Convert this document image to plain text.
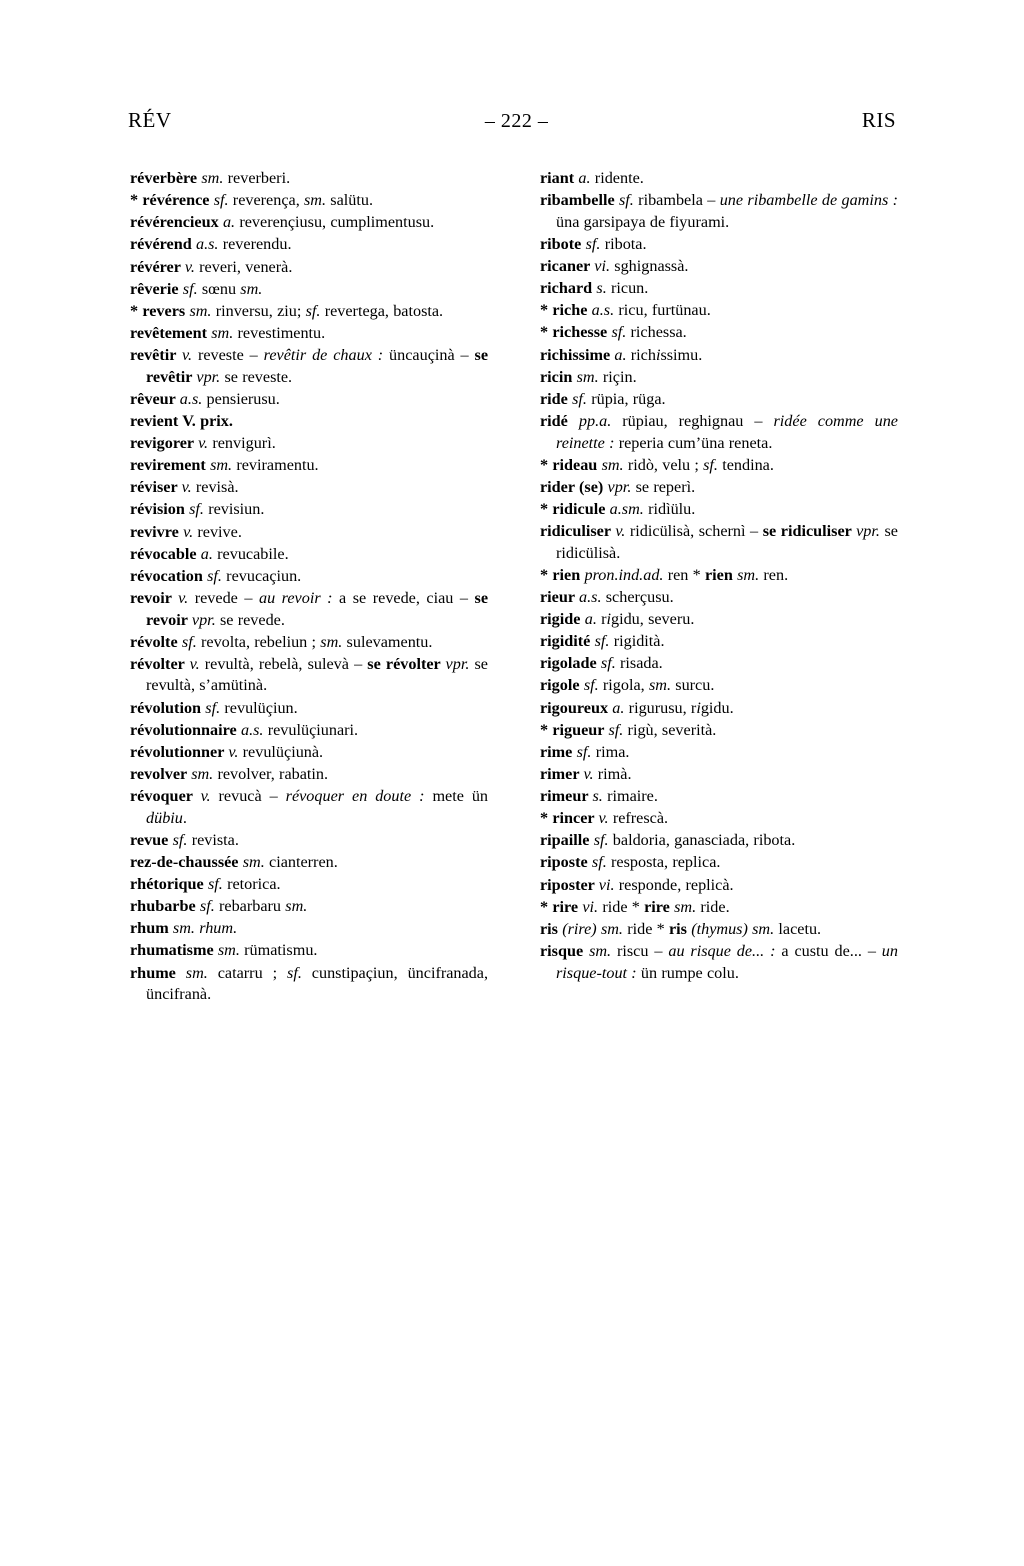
RÉV	– 222 –	RIS
réverbère sm. reverberi.
* révérence sf. reverença, sm. salütu.
révérencieux a. reverençiusu, cumplimentusu.
révérend a.s. reverendu.
révérer v. reveri, venerà.
rêverie sf. sœnu sm.
* revers sm. rinversu, ziu; sf. revertega, batosta.
revêtement sm. revestimentu.
revêtir v. reveste – revêtir de chaux : üncauçinà – se revêtir vpr. se reveste.
rêveur a.s. pensierusu.
revient V. prix.
revigorer v. renvigurì.
revirement sm. reviramentu.
réviser v. revisà.
révision sf. revisiun.
revivre v. revive.
révocable a. revucabile.
révocation sf. revucaçiun.
revoir v. revede – au revoir : a se revede, ciau – se revoir vpr. se revede.
révolte sf. revolta, rebeliun ; sm. sulevamentu.
révolter v. revultà, rebelà, sulevà – se révolter vpr. se revultà, s’amütinà.
révolution sf. revulüçiun.
révolutionnaire a.s. revulüçiunari.
révolutionner v. revulüçiunà.
revolver sm. revolver, rabatin.
révoquer v. revucà – révoquer en doute : mete ün dübiu.
revue sf. revista.
rez-de-chaussée sm. cianterren.
rhétorique sf. retorica.
rhubarbe sf. rebarbaru sm.
rhum sm. rhum.
rhumatisme sm. rümatismu.
rhume sm. catarru ; sf. cunstipaçiun, üncifranada, üncifranà.
riant a. ridente.
ribambelle sf. ribambela – une ribambelle de gamins : üna garsipaya de fiyurami.
ribote sf. ribota.
ricaner vi. sghignassà.
richard s. ricun.
* riche a.s. ricu, furtünau.
* richesse sf. richessa.
richissime a. richissimu.
ricin sm. riçin.
ride sf. rüpia, rüga.
ridé pp.a. rüpiau, reghignau – ridée comme une reinette : reperia cum’üna reneta.
* rideau sm. ridò, velu ; sf. tendina.
rider (se) vpr. se reperì.
* ridicule a.sm. ridìülu.
ridiculiser v. ridicülisà, schernì – se ridiculiser vpr. se ridicülisà.
* rien pron.ind.ad. ren * rien sm. ren.
rieur a.s. scherçusu.
rigide a. rigidu, severu.
rigidité sf. rigidità.
rigolade sf. risada.
rigole sf. rigola, sm. surcu.
rigoureux a. rigurusu, rigidu.
* rigueur sf. rigù, severità.
rime sf. rima.
rimer v. rimà.
rimeur s. rimaire.
* rincer v. refrescà.
ripaille sf. baldoria, ganasciada, ribota.
riposte sf. resposta, replica.
riposter vi. responde, replicà.
* rire vi. ride * rire sm. ride.
ris (rire) sm. ride * ris (thymus) sm. lacetu.
risque sm. riscu – au risque de... : a custu de... – un risque-tout : ün rumpe colu.
